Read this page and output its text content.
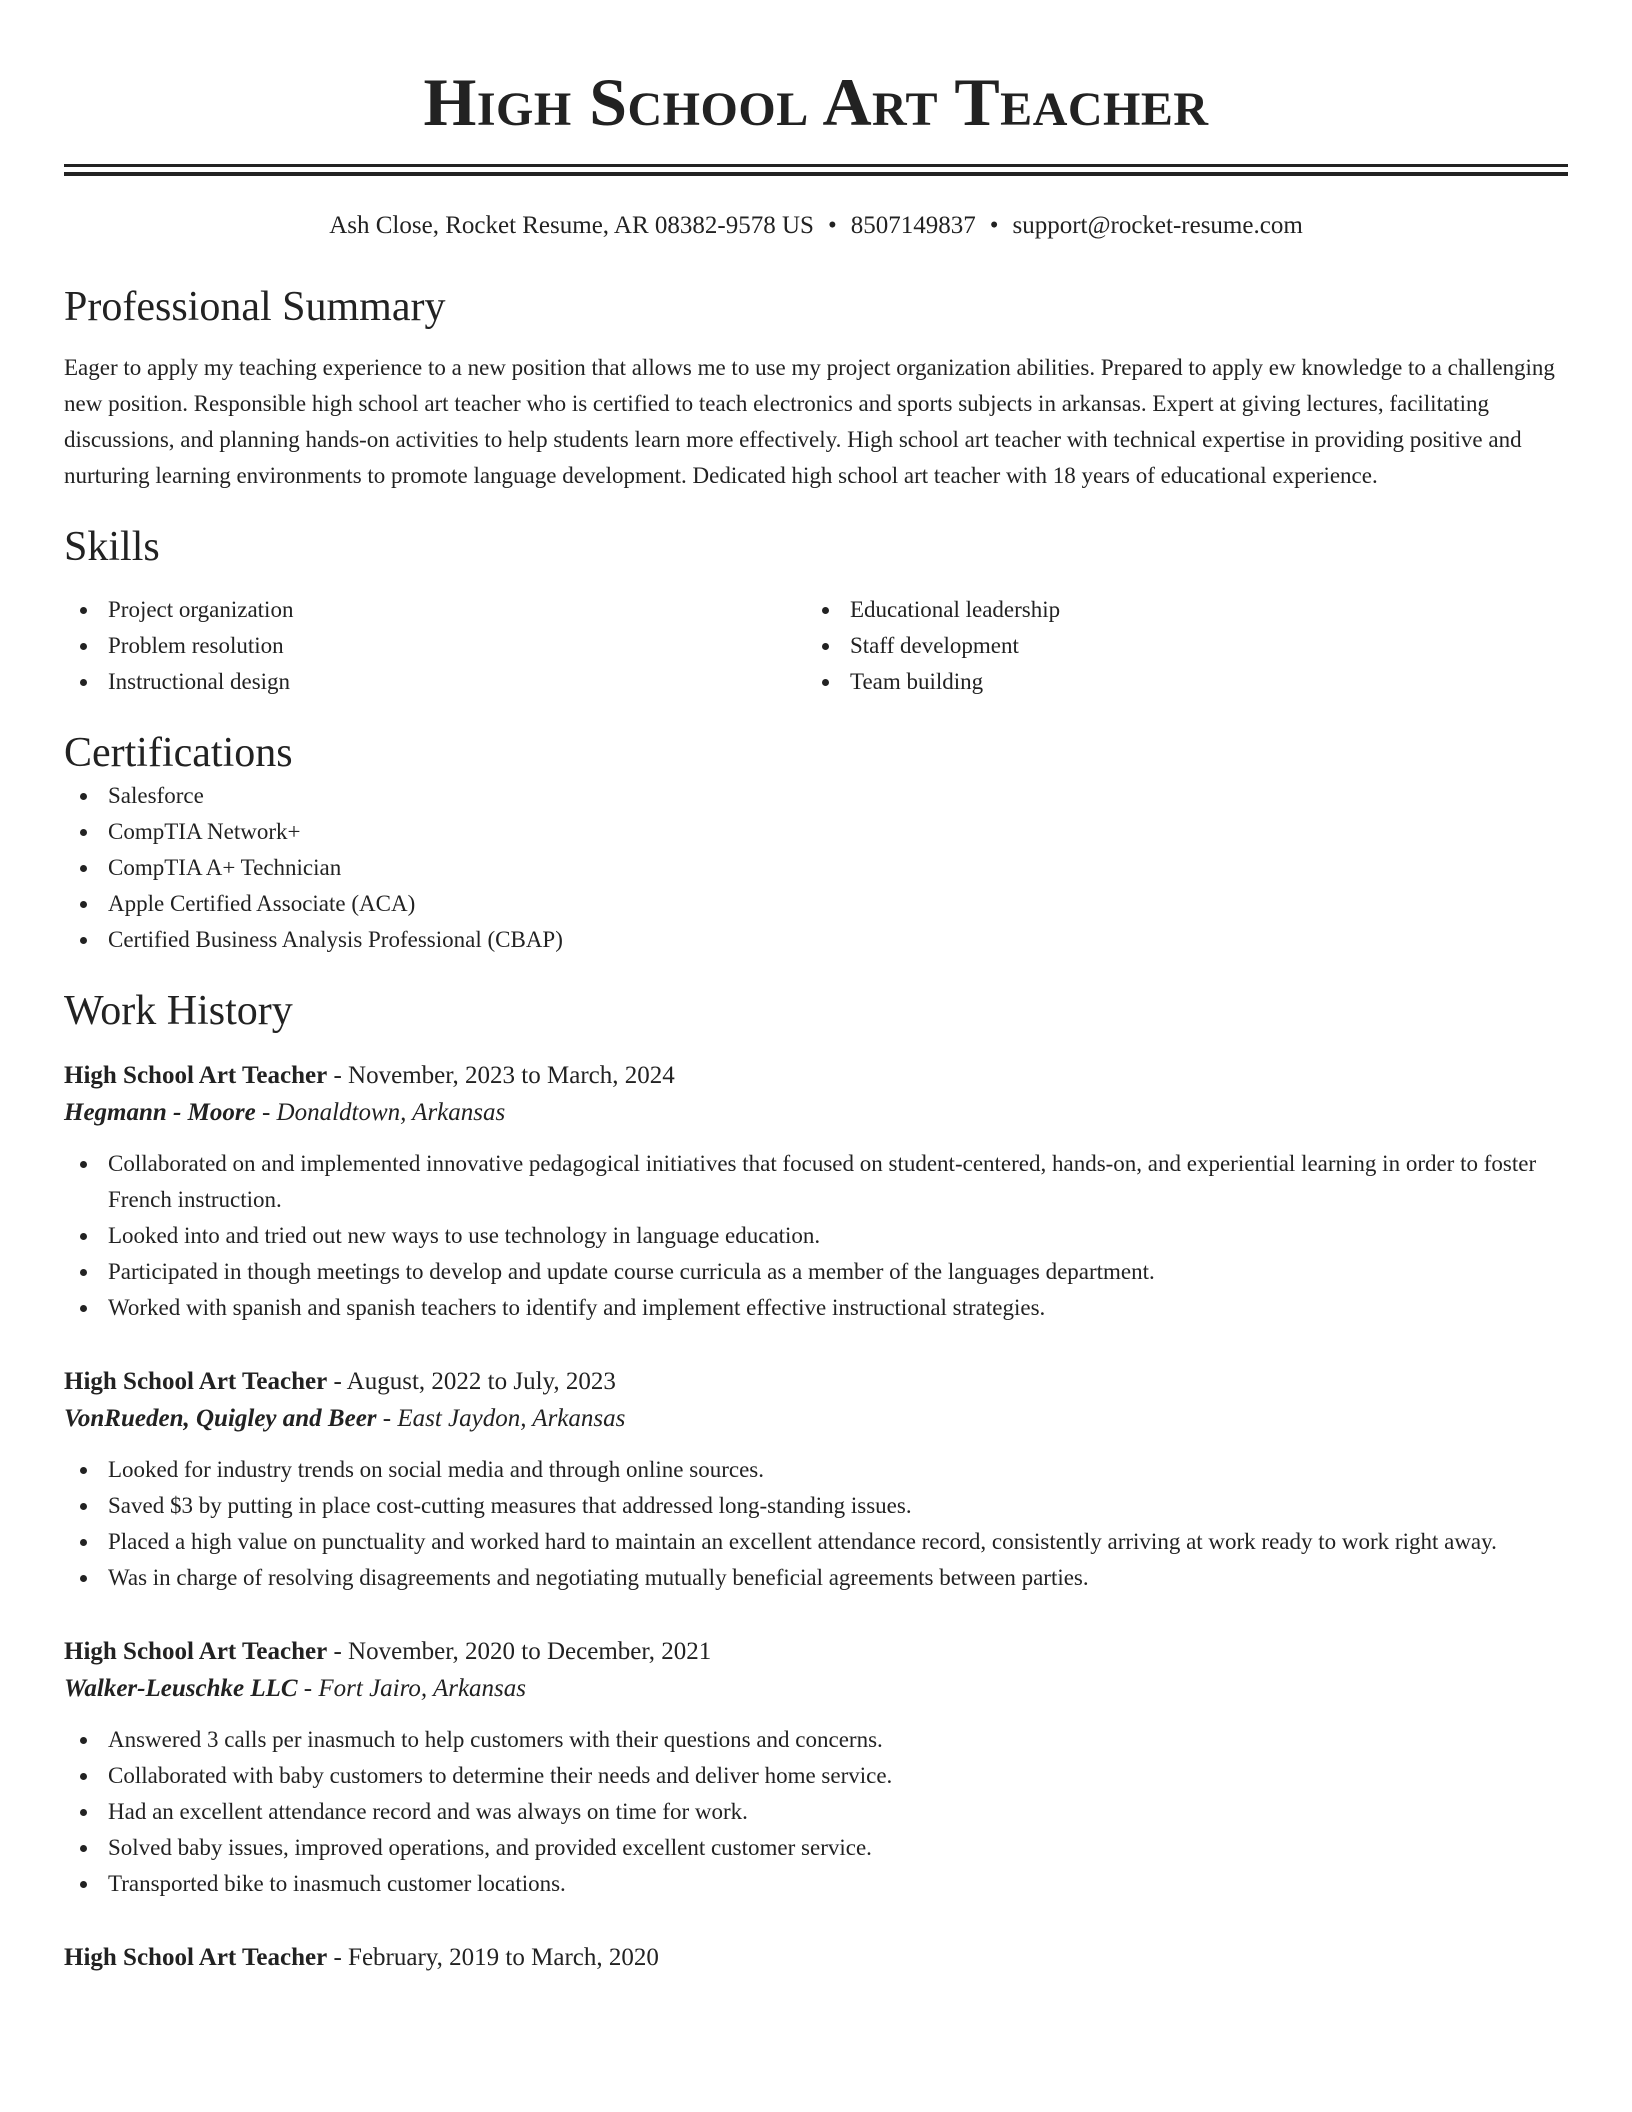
High School Art Teacher
Ash Close, Rocket Resume, AR 08382-9578 US • 8507149837 • support@rocket-resume.com
Professional Summary
Eager to apply my teaching experience to a new position that allows me to use my project organization abilities. Prepared to apply ew knowledge to a challenging new position. Responsible high school art teacher who is certified to teach electronics and sports subjects in arkansas. Expert at giving lectures, facilitating discussions, and planning hands-on activities to help students learn more effectively. High school art teacher with technical expertise in providing positive and nurturing learning environments to promote language development. Dedicated high school art teacher with 18 years of educational experience.
Skills
Project organization
Problem resolution
Instructional design
Educational leadership
Staff development
Team building
Certifications
Salesforce
CompTIA Network+
CompTIA A+ Technician
Apple Certified Associate (ACA)
Certified Business Analysis Professional (CBAP)
Work History
High School Art Teacher - November, 2023 to March, 2024
Hegmann - Moore - Donaldtown, Arkansas
Collaborated on and implemented innovative pedagogical initiatives that focused on student-centered, hands-on, and experiential learning in order to foster French instruction.
Looked into and tried out new ways to use technology in language education.
Participated in though meetings to develop and update course curricula as a member of the languages department.
Worked with spanish and spanish teachers to identify and implement effective instructional strategies.
High School Art Teacher - August, 2022 to July, 2023
VonRueden, Quigley and Beer - East Jaydon, Arkansas
Looked for industry trends on social media and through online sources.
Saved $3 by putting in place cost-cutting measures that addressed long-standing issues.
Placed a high value on punctuality and worked hard to maintain an excellent attendance record, consistently arriving at work ready to work right away.
Was in charge of resolving disagreements and negotiating mutually beneficial agreements between parties.
High School Art Teacher - November, 2020 to December, 2021
Walker-Leuschke LLC - Fort Jairo, Arkansas
Answered 3 calls per inasmuch to help customers with their questions and concerns.
Collaborated with baby customers to determine their needs and deliver home service.
Had an excellent attendance record and was always on time for work.
Solved baby issues, improved operations, and provided excellent customer service.
Transported bike to inasmuch customer locations.
High School Art Teacher - February, 2019 to March, 2020
